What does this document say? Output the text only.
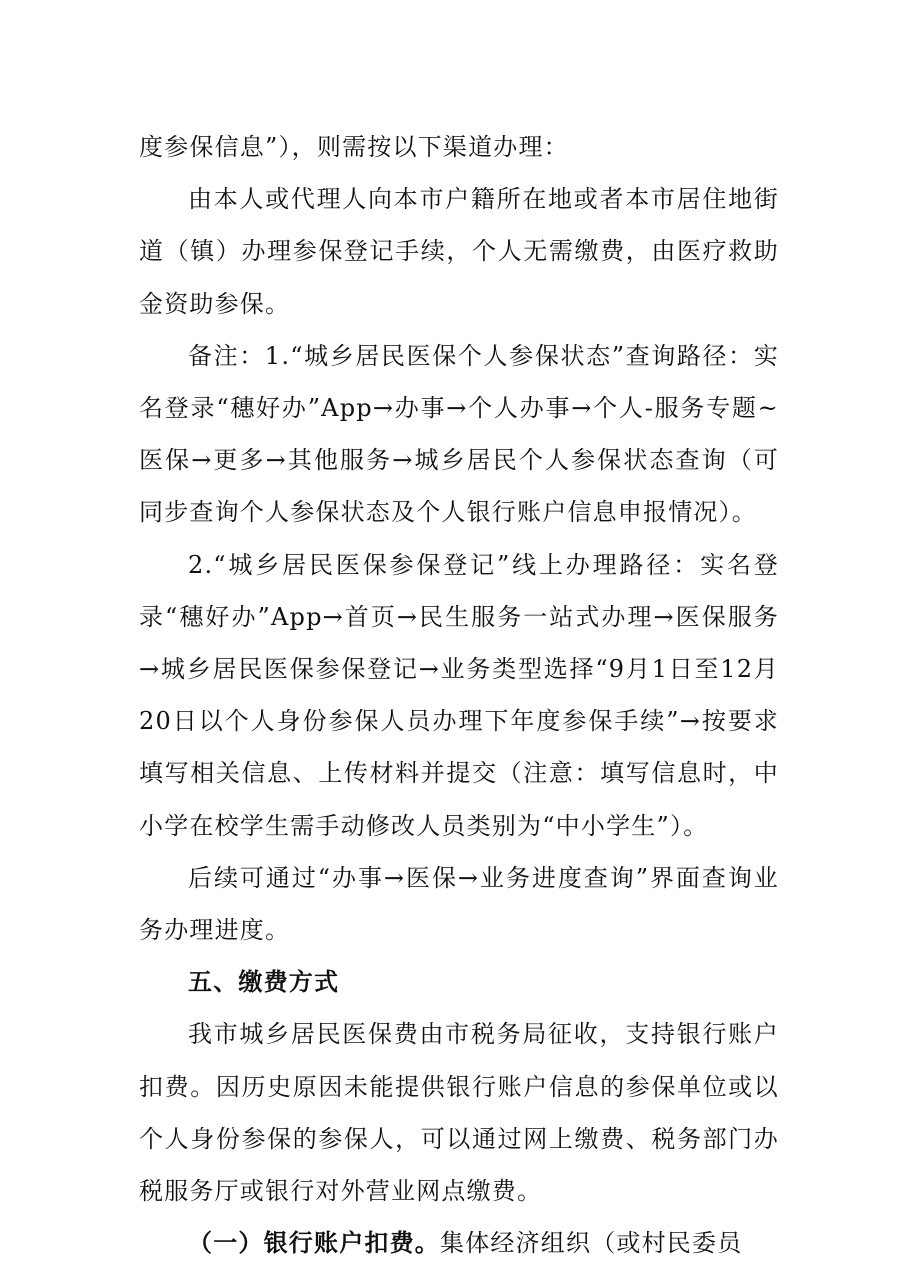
度参保信息”），则需按以下渠道办理：

由本人或代理人向本市户籍所在地或者本市居住地街道（镇）办理参保登记手续，个人无需缴费，由医疗救助金资助参保。

备注：1.“城乡居民医保个人参保状态”查询路径：实名登录“穗好办”App→办事→个人办事→个人-服务专题~医保→更多→其他服务→城乡居民个人参保状态查询（可同步查询个人参保状态及个人银行账户信息申报情况）。

2.“城乡居民医保参保登记”线上办理路径：实名登录“穗好办”App→首页→民生服务一站式办理→医保服务→城乡居民医保参保登记→业务类型选择“9月1日至12月20日以个人身份参保人员办理下年度参保手续”→按要求填写相关信息、上传材料并提交（注意：填写信息时，中小学在校学生需手动修改人员类别为“中小学生”）。

后续可通过“办事→医保→业务进度查询”界面查询业务办理进度。

五、缴费方式

我市城乡居民医保费由市税务局征收，支持银行账户扣费。因历史原因未能提供银行账户信息的参保单位或以个人身份参保的参保人，可以通过网上缴费、税务部门办税服务厅或银行对外营业网点缴费。

（一）银行账户扣费。集体经济组织（或村民委员
